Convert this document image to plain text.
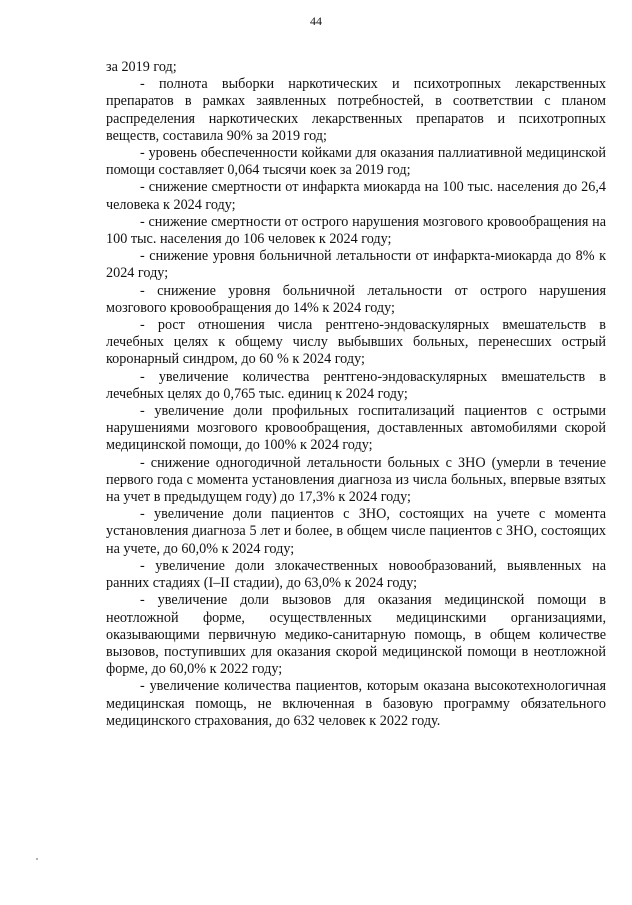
44

за 2019 год;

- полнота выборки наркотических и психотропных лекарственных препаратов в рамках заявленных потребностей, в соответствии с планом распределения наркотических лекарственных препаратов и психотропных веществ, составила 90% за 2019 год;

- уровень обеспеченности койками для оказания паллиативной медицинской помощи составляет 0,064 тысячи коек за 2019 год;

- снижение смертности от инфаркта миокарда на 100 тыс. населения до 26,4 человека к 2024 году;

- снижение смертности от острого нарушения мозгового кровообращения на 100 тыс. населения до 106 человек к 2024 году;

- снижение уровня больничной летальности от инфаркта-миокарда до 8% к 2024 году;

- снижение уровня больничной летальности от острого нарушения мозгового кровообращения до 14% к 2024 году;

- рост отношения числа рентгено-эндоваскулярных вмешательств в лечебных целях к общему числу выбывших больных, перенесших острый коронарный синдром, до 60 % к 2024 году;

- увеличение количества рентгено-эндоваскулярных вмешательств в лечебных целях до 0,765 тыс. единиц к 2024 году;

- увеличение доли профильных госпитализаций пациентов с острыми нарушениями мозгового кровообращения, доставленных автомобилями скорой медицинской помощи, до 100% к 2024 году;

- снижение одногодичной летальности больных с ЗНО (умерли в течение первого года с момента установления диагноза из числа больных, впервые взятых на учет в предыдущем году) до 17,3% к 2024 году;

- увеличение доли пациентов с ЗНО, состоящих на учете с момента установления диагноза 5 лет и более, в общем числе пациентов с ЗНО, состоящих на учете, до 60,0% к 2024 году;

- увеличение доли злокачественных новообразований, выявленных на ранних стадиях (I–II стадии), до 63,0% к 2024 году;

- увеличение доли вызовов для оказания медицинской помощи в неотложной форме, осуществленных медицинскими организациями, оказывающими первичную медико-санитарную помощь, в общем количестве вызовов, поступивших для оказания скорой медицинской помощи в неотложной форме, до 60,0% к 2022 году;

- увеличение количества пациентов, которым оказана высокотехнологичная медицинская помощь, не включенная в базовую программу обязательного медицинского страхования, до 632 человек к 2022 году.
